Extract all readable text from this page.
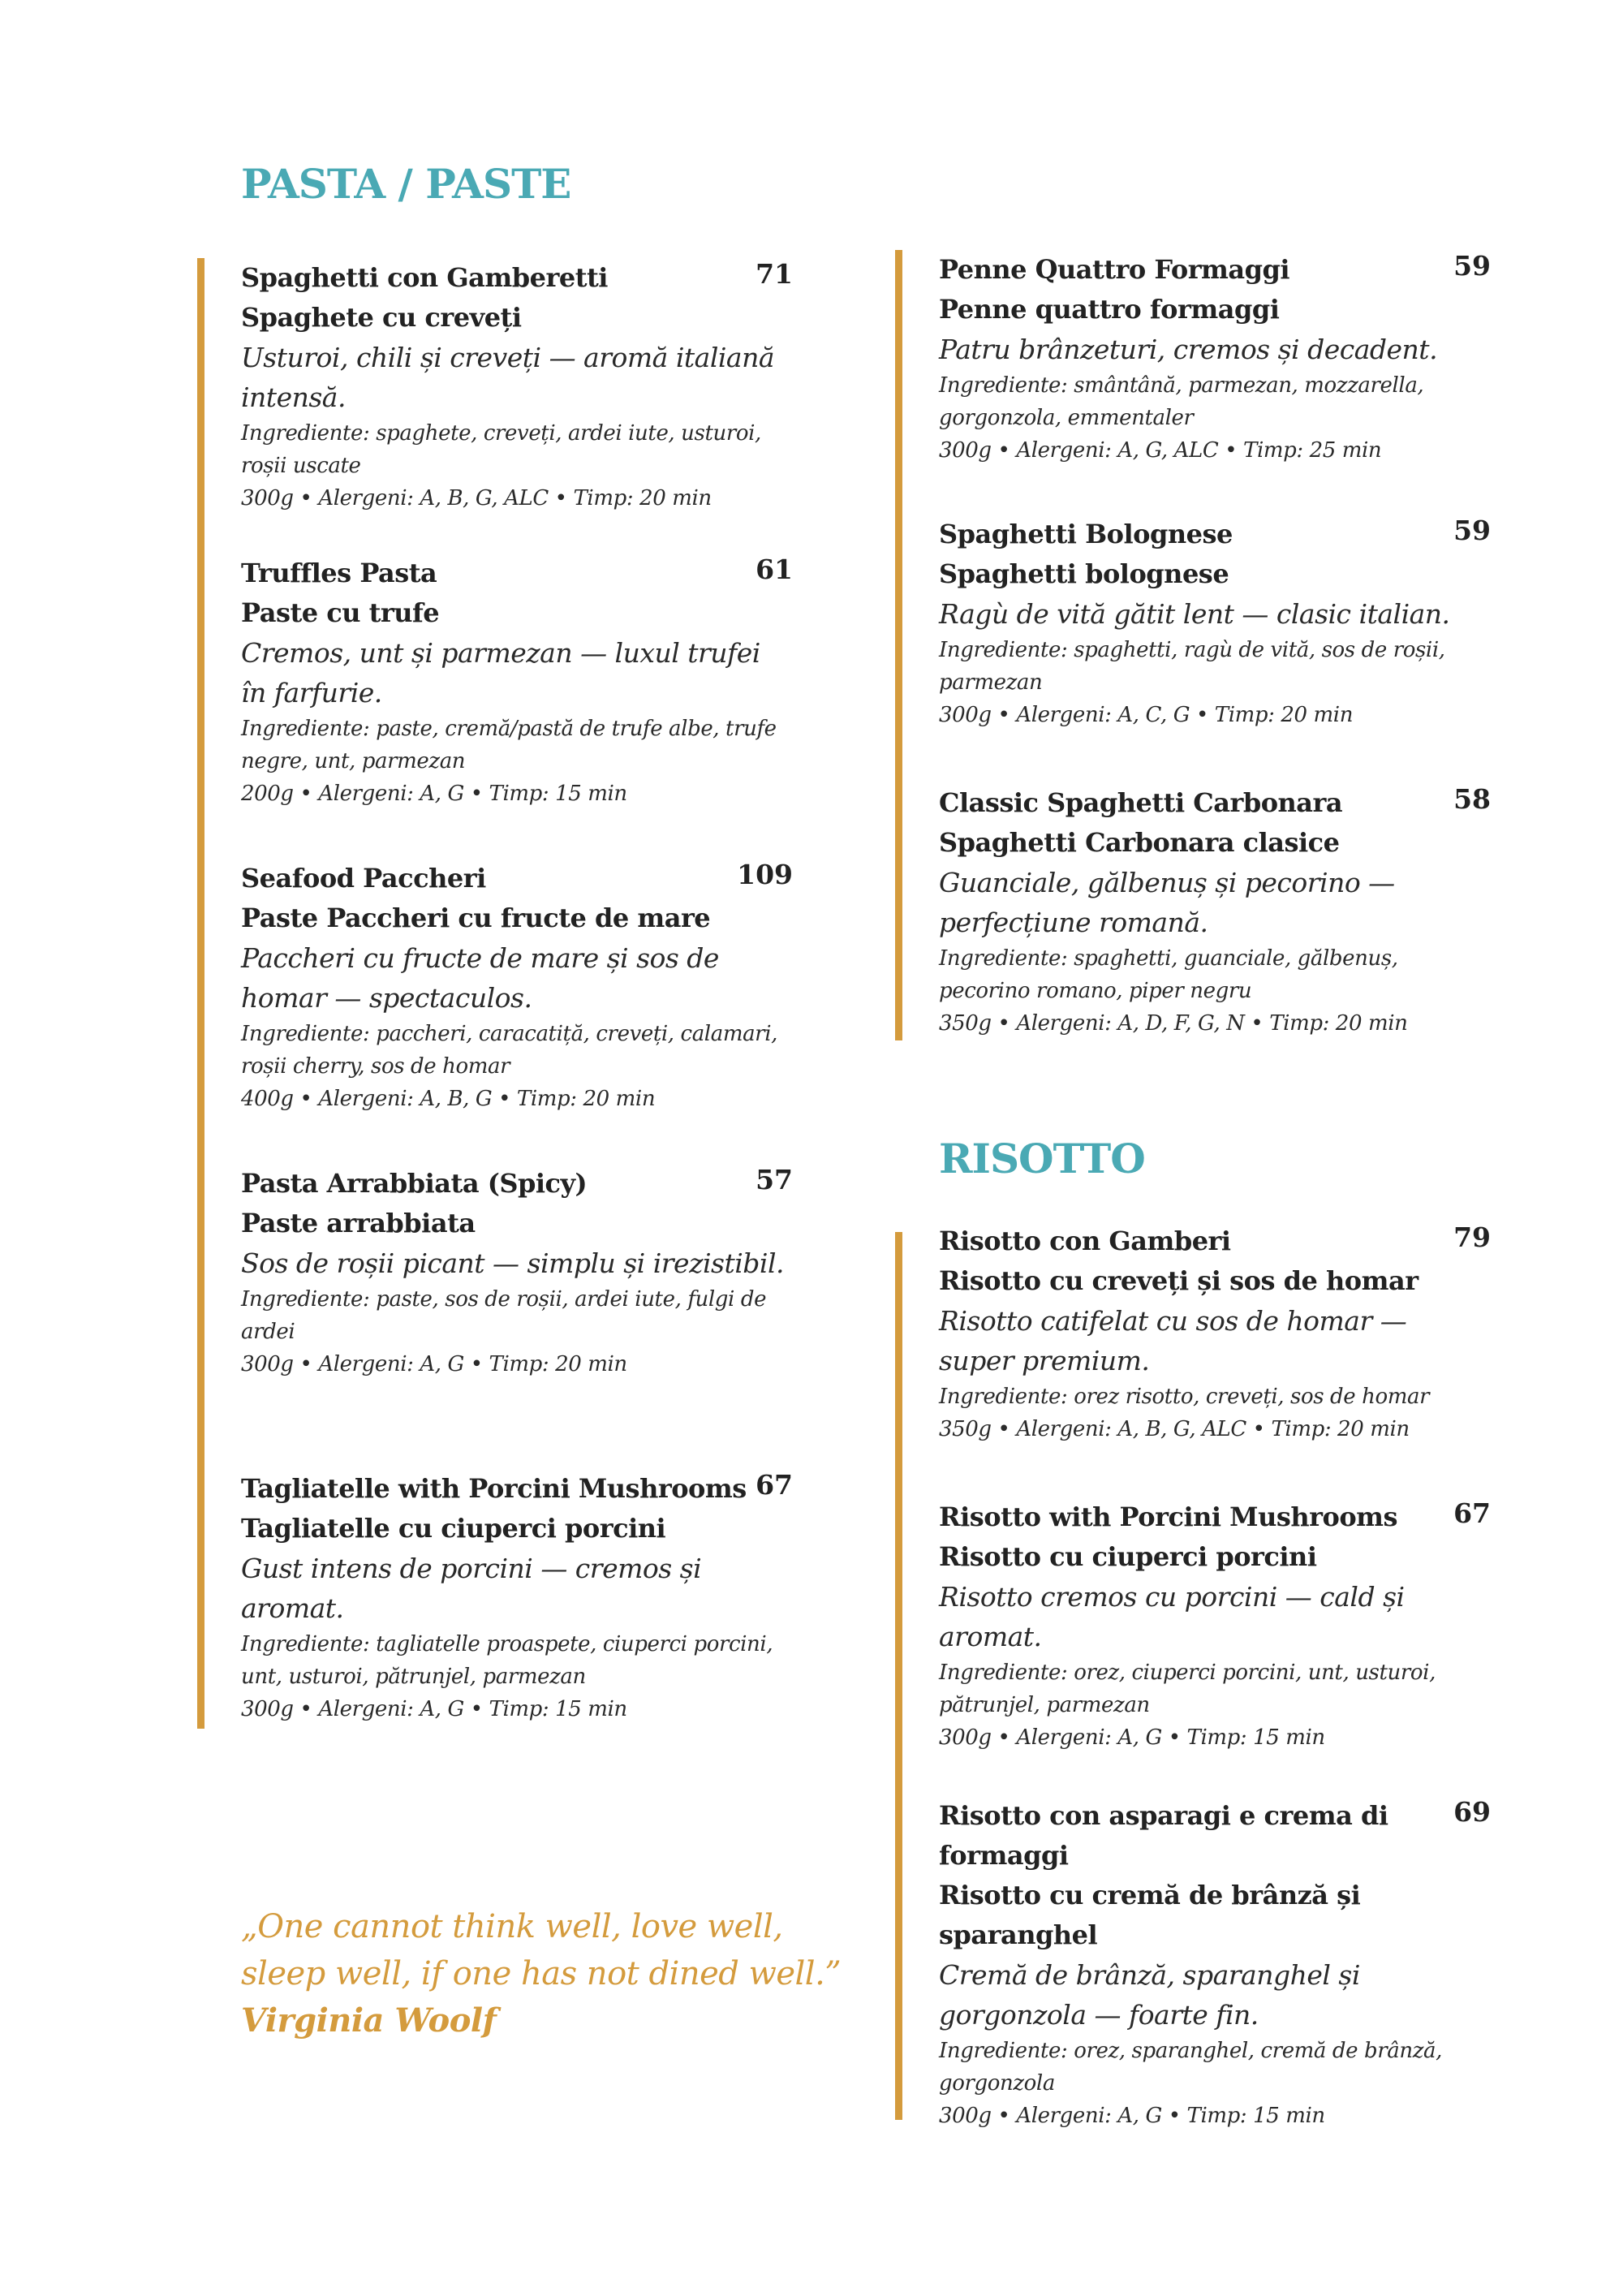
PASTA / PASTE
71
Spaghetti con Gamberetti
Spaghete cu creveți
Usturoi, chili și creveți — aromă italiană intensă.
Ingrediente: spaghete, creveți, ardei iute, usturoi, roșii uscate
300g • Alergeni: A, B, G, ALC • Timp: 20 min
61
Truffles Pasta
Paste cu trufe
Cremos, unt și parmezan — luxul trufei în farfurie.
Ingrediente: paste, cremă/pastă de trufe albe, trufe negre, unt, parmezan
200g • Alergeni: A, G • Timp: 15 min
109
Seafood Paccheri
Paste Paccheri cu fructe de mare
Paccheri cu fructe de mare și sos de homar — spectaculos.
Ingrediente: paccheri, caracatiță, creveți, calamari, roșii cherry, sos de homar
400g • Alergeni: A, B, G • Timp: 20 min
57
Pasta Arrabbiata (Spicy)
Paste arrabbiata
Sos de roșii picant — simplu și irezistibil.
Ingrediente: paste, sos de roșii, ardei iute, fulgi de ardei
300g • Alergeni: A, G • Timp: 20 min
67
Tagliatelle with Porcini Mushrooms
Tagliatelle cu ciuperci porcini
Gust intens de porcini — cremos și aromat.
Ingrediente: tagliatelle proaspete, ciuperci porcini, unt, usturoi, pătrunjel, parmezan
300g • Alergeni: A, G • Timp: 15 min
„One cannot think well, love well, sleep well, if one has not dined well.”
Virginia Woolf
59
Penne Quattro Formaggi
Penne quattro formaggi
Patru brânzeturi, cremos și decadent.
Ingrediente: smântână, parmezan, mozzarella, gorgonzola, emmentaler
300g • Alergeni: A, G, ALC • Timp: 25 min
59
Spaghetti Bolognese
Spaghetti bolognese
Ragù de vită gătit lent — clasic italian.
Ingrediente: spaghetti, ragù de vită, sos de roșii, parmezan
300g • Alergeni: A, C, G • Timp: 20 min
58
Classic Spaghetti Carbonara
Spaghetti Carbonara clasice
Guanciale, gălbenuș și pecorino — perfecțiune romană.
Ingrediente: spaghetti, guanciale, gălbenuș, pecorino romano, piper negru
350g • Alergeni: A, D, F, G, N • Timp: 20 min
RISOTTO
79
Risotto con Gamberi
Risotto cu creveți și sos de homar
Risotto catifelat cu sos de homar — super premium.
Ingrediente: orez risotto, creveți, sos de homar
350g • Alergeni: A, B, G, ALC • Timp: 20 min
67
Risotto with Porcini Mushrooms
Risotto cu ciuperci porcini
Risotto cremos cu porcini — cald și aromat.
Ingrediente: orez, ciuperci porcini, unt, usturoi, pătrunjel, parmezan
300g • Alergeni: A, G • Timp: 15 min
69
Risotto con asparagi e crema di formaggi
Risotto cu cremă de brânză și sparanghel
Cremă de brânză, sparanghel și gorgonzola — foarte fin.
Ingrediente: orez, sparanghel, cremă de brânză, gorgonzola
300g • Alergeni: A, G • Timp: 15 min
